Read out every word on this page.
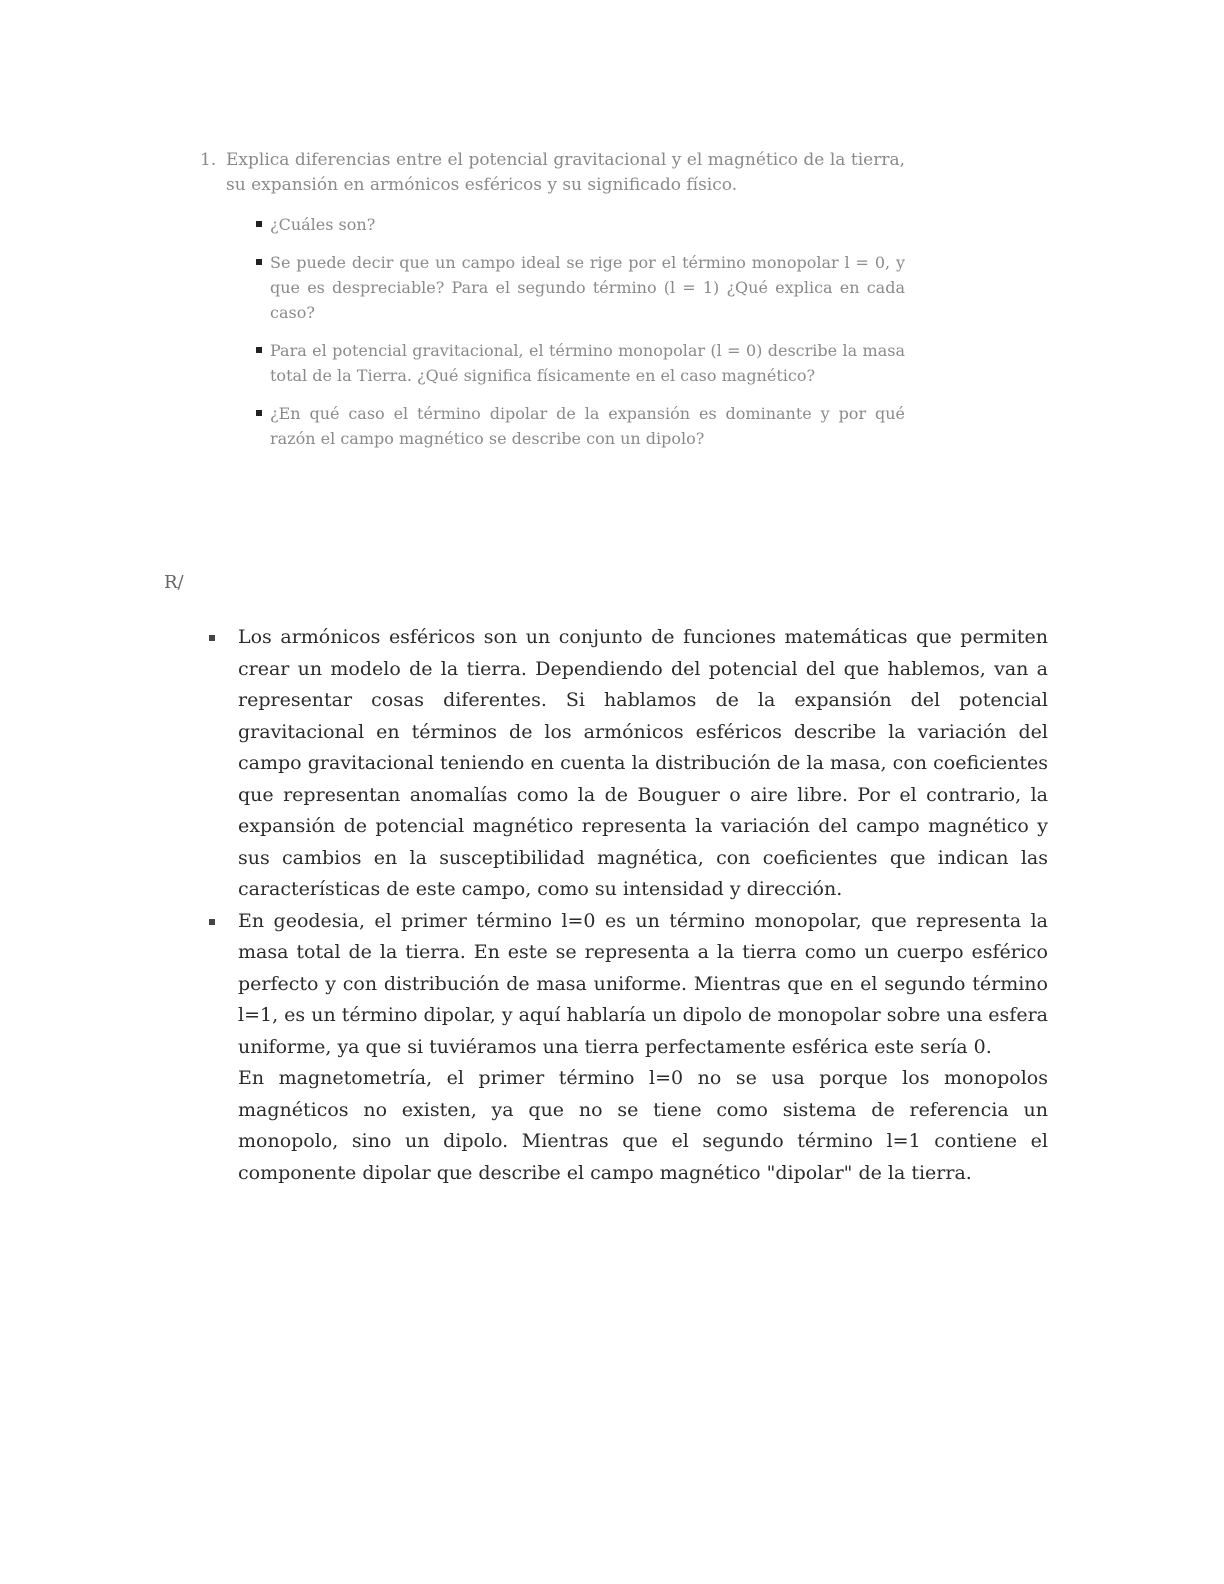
1. Explica diferencias entre el potencial gravitacional y el magnético de la tierra, su expansión en armónicos esféricos y su significado físico.
¿Cuáles son?
Se puede decir que un campo ideal se rige por el término monopolar l = 0, y que es despreciable? Para el segundo término (l = 1) ¿Qué explica en cada caso?
Para el potencial gravitacional, el término monopolar (l = 0) describe la masa total de la Tierra. ¿Qué significa físicamente en el caso magnético?
¿En qué caso el término dipolar de la expansión es dominante y por qué razón el campo magnético se describe con un dipolo?
R/

Los armónicos esféricos son un conjunto de funciones matemáticas que permiten crear un modelo de la tierra. Dependiendo del potencial del que hablemos, van a representar cosas diferentes. Si hablamos de la expansión del potencial gravitacional en términos de los armónicos esféricos describe la variación del campo gravitacional teniendo en cuenta la distribución de la masa, con coeficientes que representan anomalías como la de Bouguer o aire libre. Por el contrario, la expansión de potencial magnético representa la variación del campo magnético y sus cambios en la susceptibilidad magnética, con coeficientes que indican las características de este campo, como su intensidad y dirección.

En geodesia, el primer término l=0 es un término monopolar, que representa la masa total de la tierra. En este se representa a la tierra como un cuerpo esférico perfecto y con distribución de masa uniforme. Mientras que en el segundo término l=1, es un término dipolar, y aquí hablaría un dipolo de monopolar sobre una esfera uniforme, ya que si tuviéramos una tierra perfectamente esférica este sería 0.

En magnetometría, el primer término l=0 no se usa porque los monopolos magnéticos no existen, ya que no se tiene como sistema de referencia un monopolo, sino un dipolo. Mientras que el segundo término l=1 contiene el componente dipolar que describe el campo magnético "dipolar" de la tierra.
